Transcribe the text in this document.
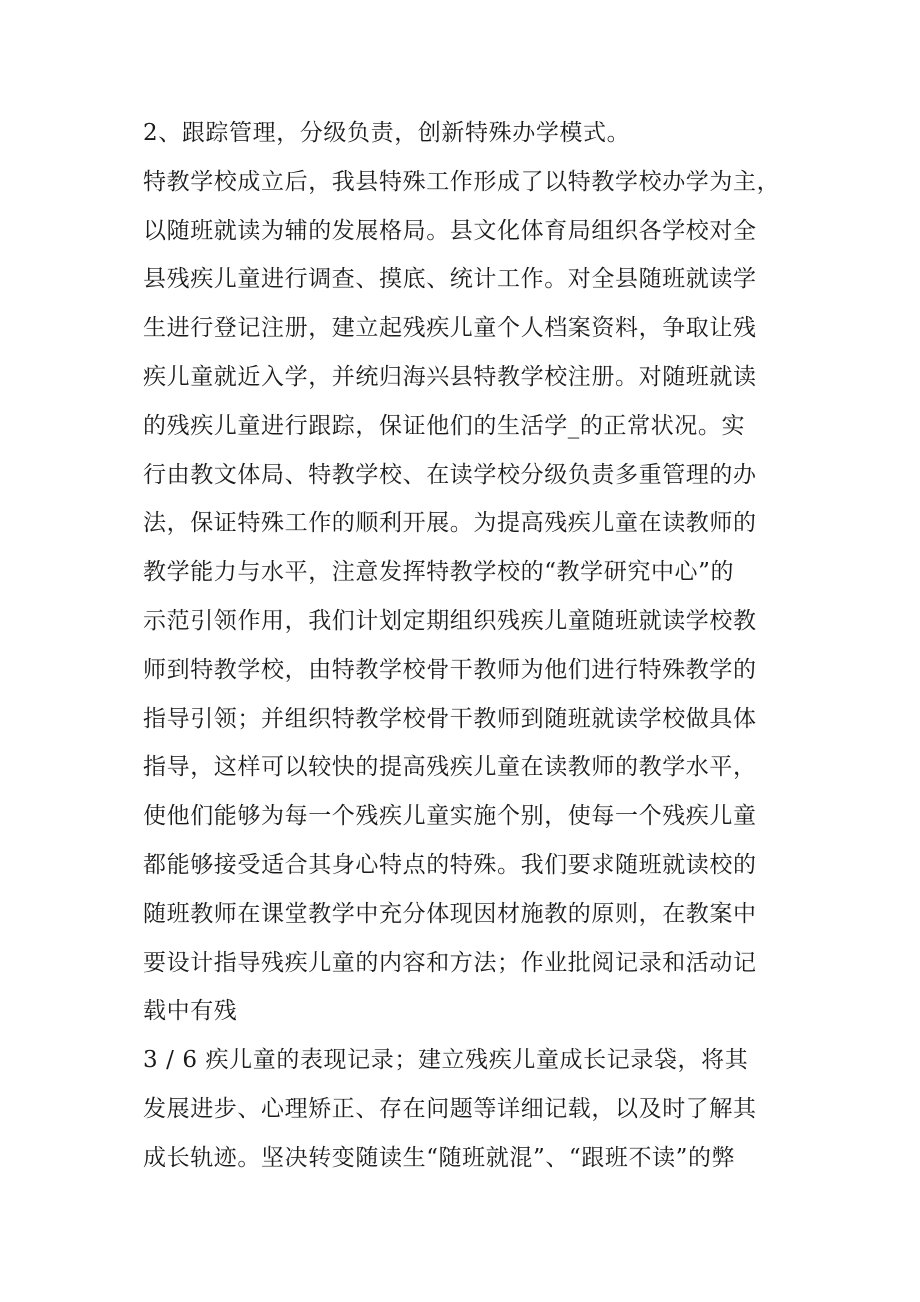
2、跟踪管理，分级负责，创新特殊办学模式。
特教学校成立后，我县特殊工作形成了以特教学校办学为主，
以随班就读为辅的发展格局。县文化体育局组织各学校对全
县残疾儿童进行调查、摸底、统计工作。对全县随班就读学
生进行登记注册，建立起残疾儿童个人档案资料，争取让残
疾儿童就近入学，并统归海兴县特教学校注册。对随班就读
的残疾儿童进行跟踪，保证他们的生活学_的正常状况。实
行由教文体局、特教学校、在读学校分级负责多重管理的办
法，保证特殊工作的顺利开展。为提高残疾儿童在读教师的
教学能力与水平，注意发挥特教学校的“教学研究中心”的
示范引领作用，我们计划定期组织残疾儿童随班就读学校教
师到特教学校，由特教学校骨干教师为他们进行特殊教学的
指导引领；并组织特教学校骨干教师到随班就读学校做具体
指导，这样可以较快的提高残疾儿童在读教师的教学水平，
使他们能够为每一个残疾儿童实施个别，使每一个残疾儿童
都能够接受适合其身心特点的特殊。我们要求随班就读校的
随班教师在课堂教学中充分体现因材施教的原则，在教案中
要设计指导残疾儿童的内容和方法；作业批阅记录和活动记
载中有残
3 / 6 疾儿童的表现记录；建立残疾儿童成长记录袋，将其
发展进步、心理矫正、存在问题等详细记载，以及时了解其
成长轨迹。坚决转变随读生“随班就混”、“跟班不读”的弊
